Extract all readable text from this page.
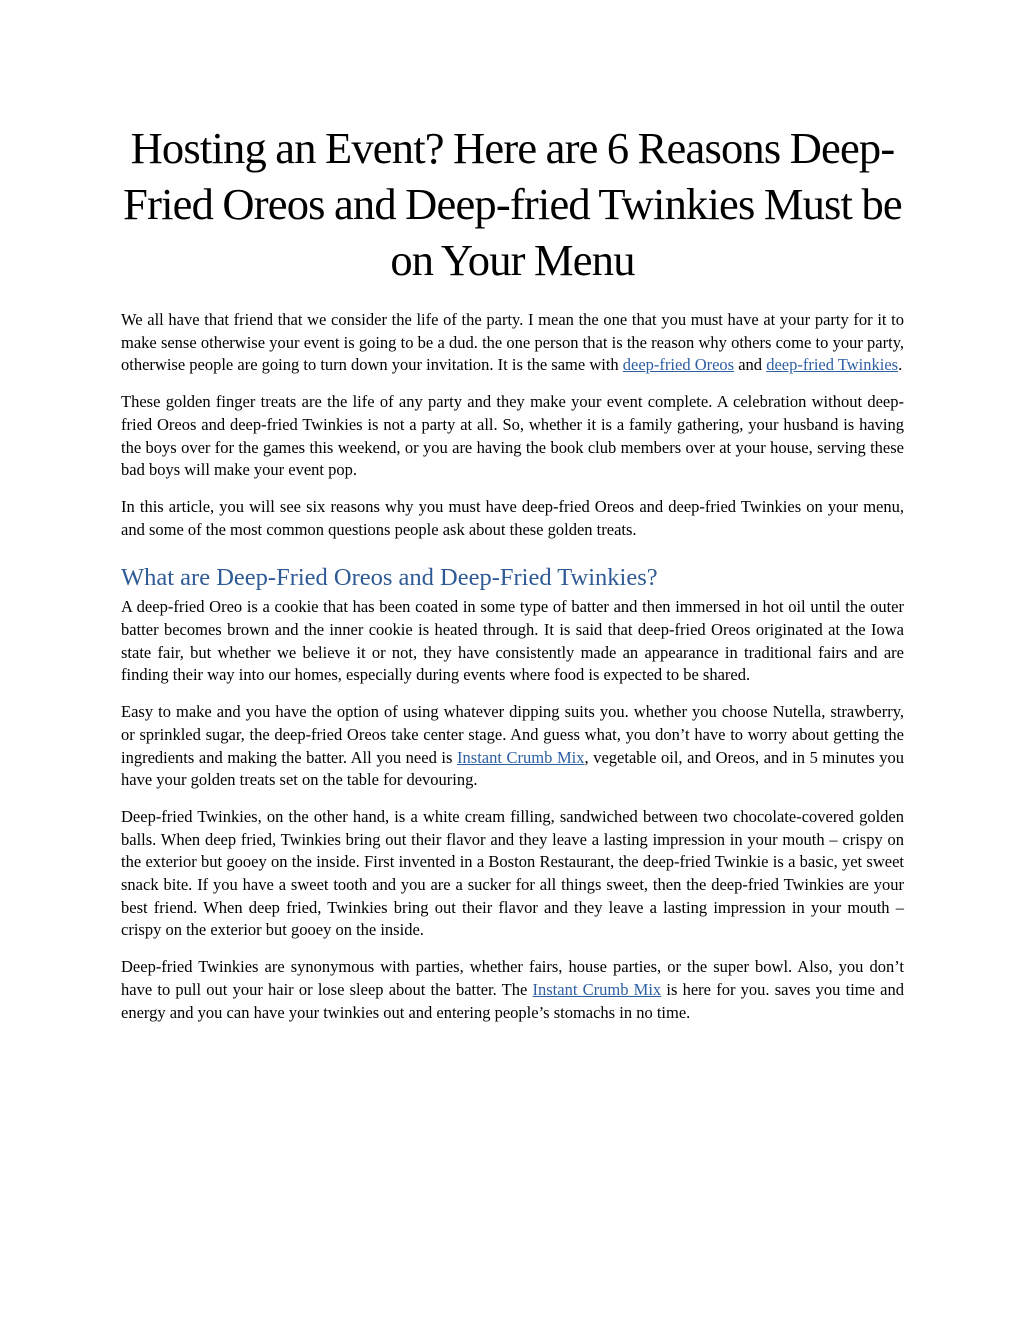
Hosting an Event? Here are 6 Reasons Deep-Fried Oreos and Deep-fried Twinkies Must be on Your Menu

We all have that friend that we consider the life of the party. I mean the one that you must have at your party for it to make sense otherwise your event is going to be a dud. the one person that is the reason why others come to your party, otherwise people are going to turn down your invitation. It is the same with deep-fried Oreos and deep-fried Twinkies.

These golden finger treats are the life of any party and they make your event complete. A celebration without deep-fried Oreos and deep-fried Twinkies is not a party at all. So, whether it is a family gathering, your husband is having the boys over for the games this weekend, or you are having the book club members over at your house, serving these bad boys will make your event pop.

In this article, you will see six reasons why you must have deep-fried Oreos and deep-fried Twinkies on your menu, and some of the most common questions people ask about these golden treats.

What are Deep-Fried Oreos and Deep-Fried Twinkies?

A deep-fried Oreo is a cookie that has been coated in some type of batter and then immersed in hot oil until the outer batter becomes brown and the inner cookie is heated through. It is said that deep-fried Oreos originated at the Iowa state fair, but whether we believe it or not, they have consistently made an appearance in traditional fairs and are finding their way into our homes, especially during events where food is expected to be shared.

Easy to make and you have the option of using whatever dipping suits you. whether you choose Nutella, strawberry, or sprinkled sugar, the deep-fried Oreos take center stage. And guess what, you don’t have to worry about getting the ingredients and making the batter. All you need is Instant Crumb Mix, vegetable oil, and Oreos, and in 5 minutes you have your golden treats set on the table for devouring.

Deep-fried Twinkies, on the other hand, is a white cream filling, sandwiched between two chocolate-covered golden balls. When deep fried, Twinkies bring out their flavor and they leave a lasting impression in your mouth – crispy on the exterior but gooey on the inside. First invented in a Boston Restaurant, the deep-fried Twinkie is a basic, yet sweet snack bite. If you have a sweet tooth and you are a sucker for all things sweet, then the deep-fried Twinkies are your best friend. When deep fried, Twinkies bring out their flavor and they leave a lasting impression in your mouth – crispy on the exterior but gooey on the inside.

Deep-fried Twinkies are synonymous with parties, whether fairs, house parties, or the super bowl. Also, you don’t have to pull out your hair or lose sleep about the batter. The Instant Crumb Mix is here for you. saves you time and energy and you can have your twinkies out and entering people’s stomachs in no time.
